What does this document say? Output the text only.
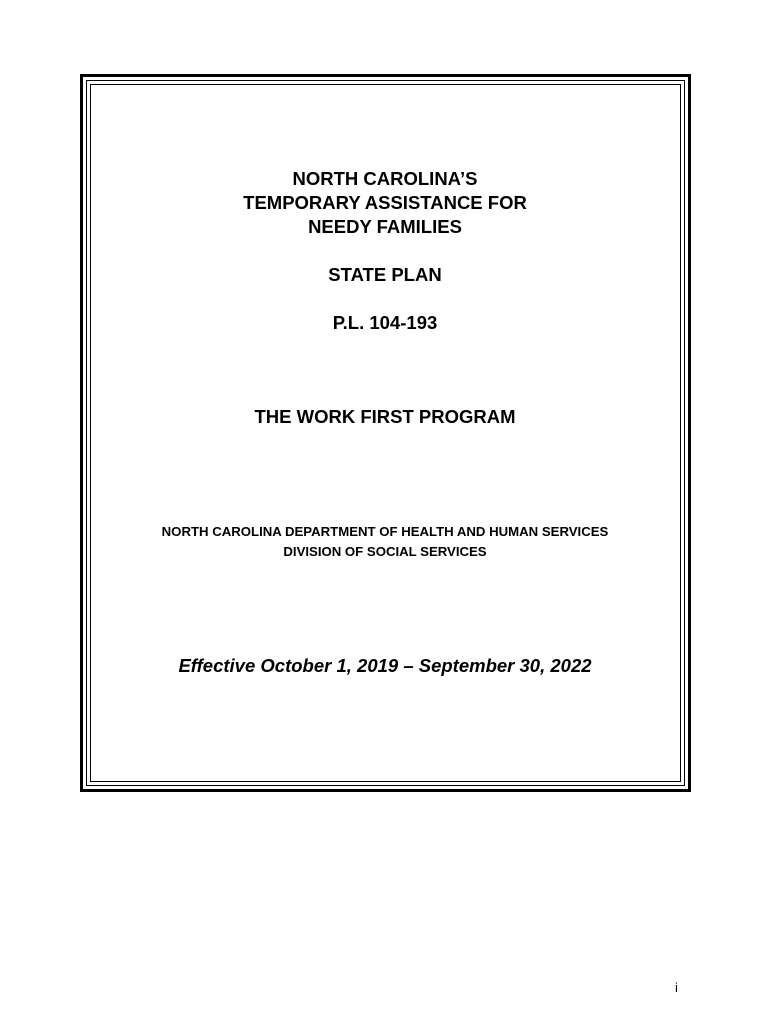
NORTH CAROLINA’S
TEMPORARY ASSISTANCE FOR
NEEDY FAMILIES
STATE PLAN
P.L. 104-193
THE WORK FIRST PROGRAM
NORTH CAROLINA DEPARTMENT OF HEALTH AND HUMAN SERVICES
DIVISION OF SOCIAL SERVICES
Effective October 1, 2019 – September 30, 2022
i
